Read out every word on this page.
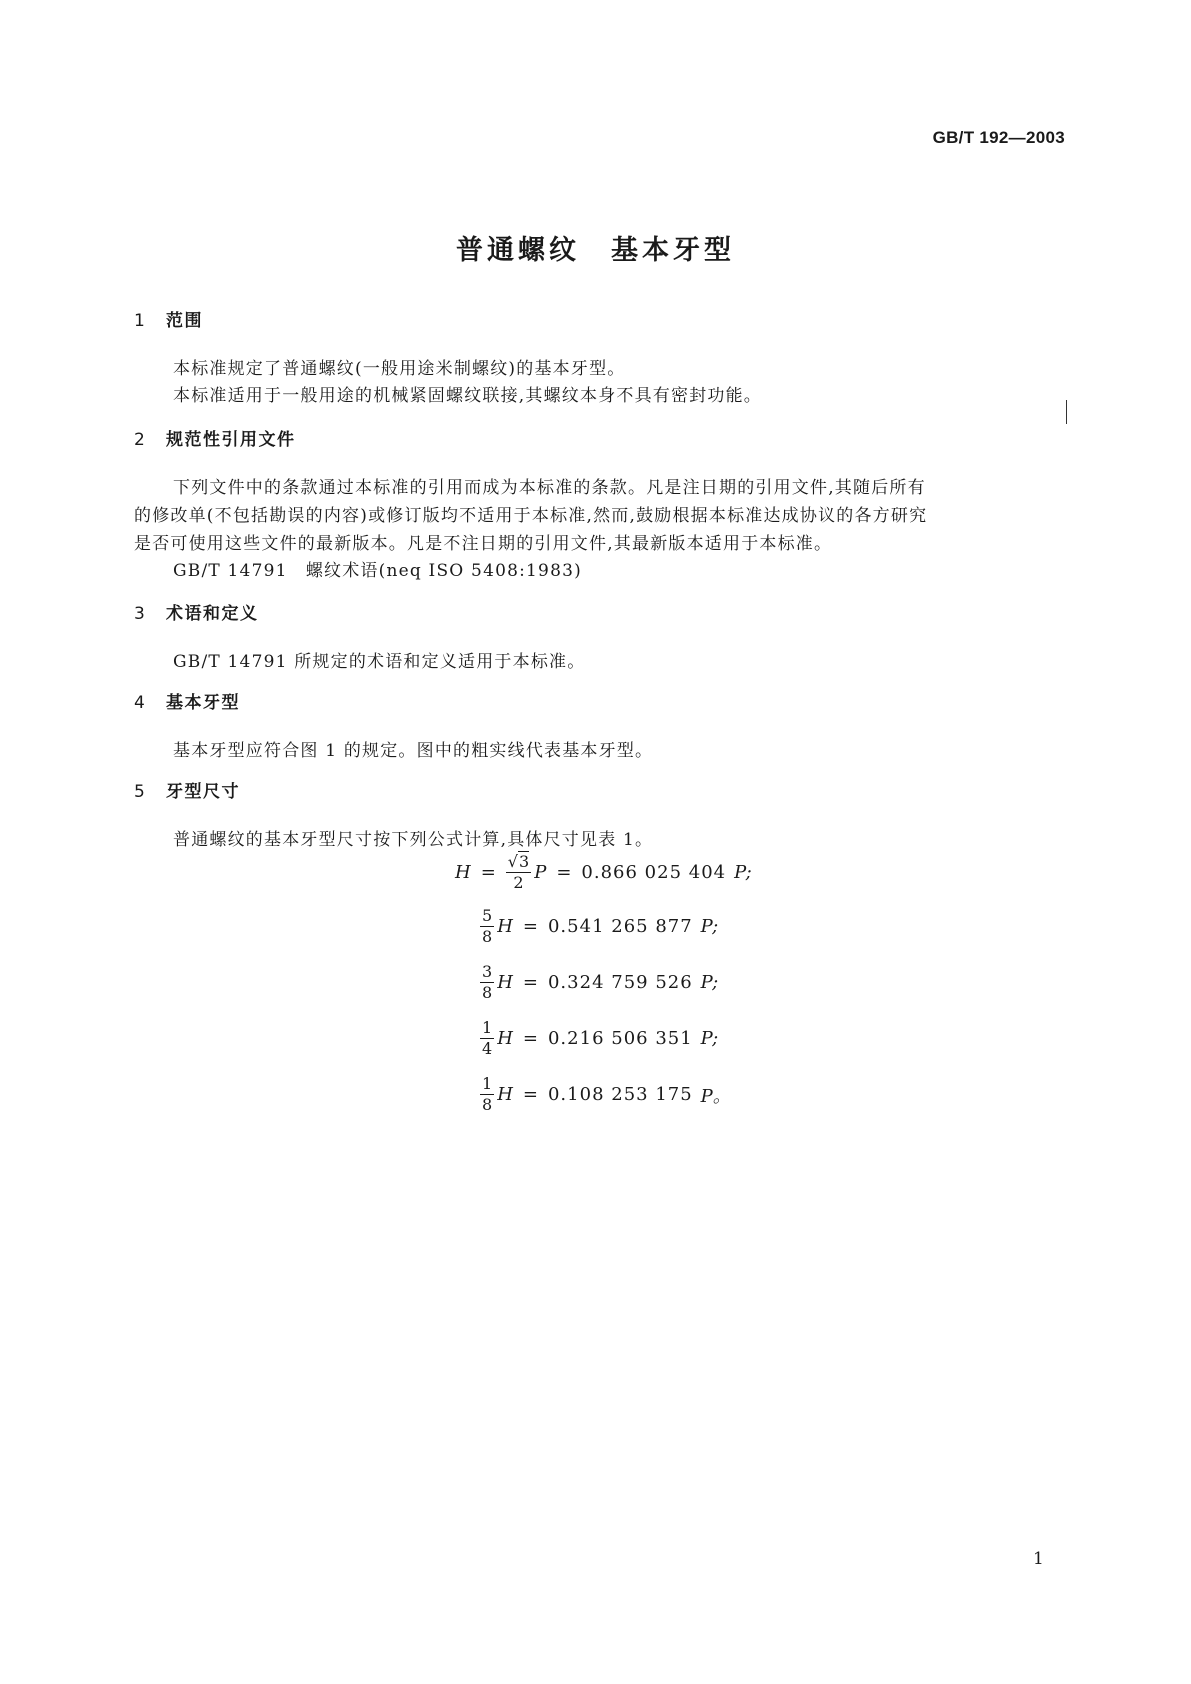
GB/T 192—2003
普通螺纹　基本牙型
1 范围
本标准规定了普通螺纹(一般用途米制螺纹)的基本牙型。
本标准适用于一般用途的机械紧固螺纹联接,其螺纹本身不具有密封功能。
2 规范性引用文件
下列文件中的条款通过本标准的引用而成为本标准的条款。凡是注日期的引用文件,其随后所有
的修改单(不包括勘误的内容)或修订版均不适用于本标准,然而,鼓励根据本标准达成协议的各方研究
是否可使用这些文件的最新版本。凡是不注日期的引用文件,其最新版本适用于本标准。
GB/T 14791　螺纹术语(neq ISO 5408:1983)
3 术语和定义
GB/T 14791 所规定的术语和定义适用于本标准。
4 基本牙型
基本牙型应符合图 1 的规定。图中的粗实线代表基本牙型。
5 牙型尺寸
普通螺纹的基本牙型尺寸按下列公式计算,具体尺寸见表 1。
$H = \frac{√3}{2}$ P = 0.866 025 404 P;
$\frac{5}{8}$ H = 0.541 265 877 P;
$\frac{3}{8}$ H = 0.324 759 526 P;
$\frac{1}{4}$ H = 0.216 506 351 P;
$\frac{1}{8}$ H = 0.108 253 175 P。
1
